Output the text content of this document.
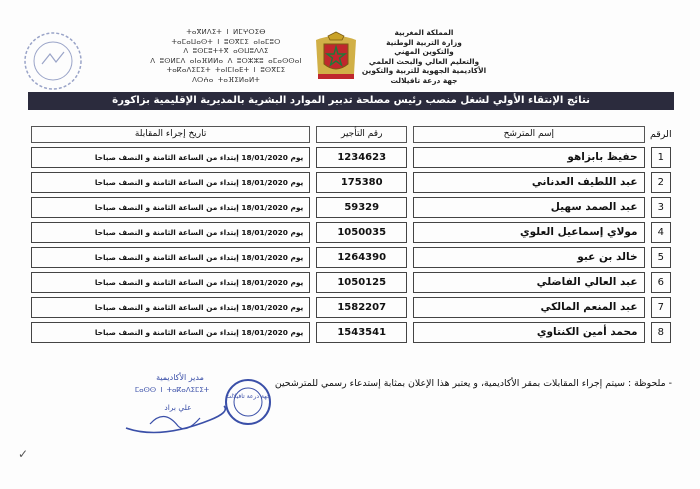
ⵜⴰⴳⵍⴷⵉⵜ ⵏ ⵍⵎⵖⵔⵉⴱ
ⵜⴰⵎⴰⵡⴰⵙⵜ ⵏ ⵓⵙⴳⵎⵉ ⴰⵏⴰⵎⵓⵔ
ⴷ ⵓⵙⵎⵓⵜⵜⴳ ⴰⵙⵡⵓⴷⴷⵉ
ⴷ ⵓⵙⵍⵎⴷ ⴰⵏⴰⴼⵍⵍⴰ ⴷ ⵓⵔⵣⵣⵓ ⴰⵎⴰⵙⵙⴰⵏ
ⵜⴰⴽⴰⴷⵉⵎⵉⵜ ⵜⴰⵏⵎⵏⴰⴹⵜ ⵏ ⵓⵙⴳⵎⵉ
ⴷⵔⵄⴰ ⵜⴰⴼⵉⵍⴰⵍⵜ
المملكة المغربية
وزارة التربية الوطنية
والتكوين المهني
والتعليم العالي والبحث العلمي
الأكاديمية الجهوية للتربية والتكوين
جهة درعة تافيلالت
نتائج الإنتقاء الأولي لشغل منصب رئيس مصلحة تدبير الموارد البشرية بالمديرية الإقليمية بزاكورة
الرقم	إسم المترشح	رقم التأجير	تاريخ إجراء المقابلة

1	حفيظ بابزاهو	1234623	يوم 18/01/2020 إبتداء من الساعة الثامنة و النصف صباحا

2	عبد اللطيف العدناني	175380	يوم 18/01/2020 إبتداء من الساعة الثامنة و النصف صباحا

3	عبد الصمد سهيل	59329	يوم 18/01/2020 إبتداء من الساعة الثامنة و النصف صباحا

4	مولاي إسماعيل العلوي	1050035	يوم 18/01/2020 إبتداء من الساعة الثامنة و النصف صباحا

5	خالد بن عبو	1264390	يوم 18/01/2020 إبتداء من الساعة الثامنة و النصف صباحا

6	عبد العالي الفاضلي	1050125	يوم 18/01/2020 إبتداء من الساعة الثامنة و النصف صباحا

7	عبد المنعم المالكي	1582207	يوم 18/01/2020 إبتداء من الساعة الثامنة و النصف صباحا

8	محمد أمين الكنتاوي	1543541	يوم 18/01/2020 إبتداء من الساعة الثامنة و النصف صباحا
- ملحوظة : سيتم إجراء المقابلات بمقر الأكاديمية، و يعتبر هذا الإعلان بمثابة إستدعاء رسمي للمترشحين
جهة درعة تافيلالت
مدير الأكاديمية
ⵎⴰⵙⵙ ⵏ ⵜⴰⴽⴰⴷⵉⵎⵉⵜ
علي براد
✓
